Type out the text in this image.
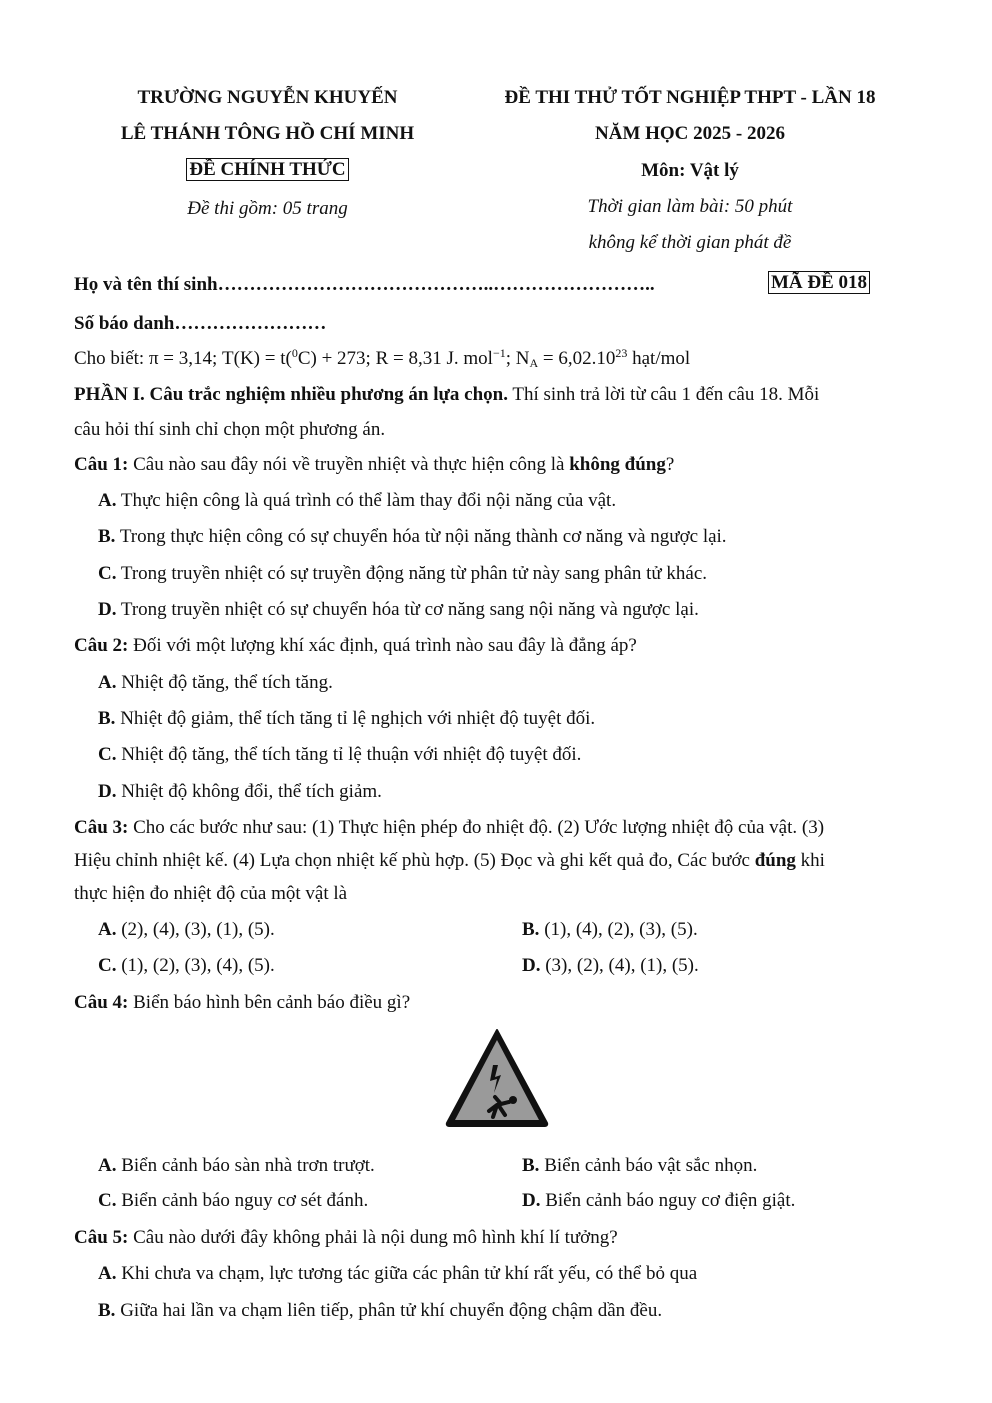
TRƯỜNG NGUYỄN KHUYẾN
LÊ THÁNH TÔNG HỒ CHÍ MINH
ĐỀ CHÍNH THỨC
Đề thi gồm: 05 trang
ĐỀ THI THỬ TỐT NGHIỆP THPT - LẦN 18
NĂM HỌC 2025 - 2026
Môn: Vật lý
Thời gian làm bài: 50 phút
không kể thời gian phát đề
Họ và tên thí sinh……………………………………..……………………..	MÃ ĐỀ 018
Số báo danh……………………
Cho biết: π = 3,14; T(K) = t($^0$C) + 273; R = 8,31 J. mol$^{-1}$; $N_A = 6,02.10^{23}$ hạt/mol
PHẦN I. Câu trắc nghiệm nhiều phương án lựa chọn. Thí sinh trả lời từ câu 1 đến câu 18. Mỗi
câu hỏi thí sinh chỉ chọn một phương án.
Câu 1: Câu nào sau đây nói về truyền nhiệt và thực hiện công là không đúng?
A. Thực hiện công là quá trình có thể làm thay đổi nội năng của vật.
B. Trong thực hiện công có sự chuyển hóa từ nội năng thành cơ năng và ngược lại.
C. Trong truyền nhiệt có sự truyền động năng từ phân tử này sang phân tử khác.
D. Trong truyền nhiệt có sự chuyển hóa từ cơ năng sang nội năng và ngược lại.
Câu 2: Đối với một lượng khí xác định, quá trình nào sau đây là đẳng áp?
A. Nhiệt độ tăng, thể tích tăng.
B. Nhiệt độ giảm, thể tích tăng tỉ lệ nghịch với nhiệt độ tuyệt đối.
C. Nhiệt độ tăng, thể tích tăng tỉ lệ thuận với nhiệt độ tuyệt đối.
D. Nhiệt độ không đổi, thể tích giảm.
Câu 3: Cho các bước như sau: (1) Thực hiện phép đo nhiệt độ. (2) Ước lượng nhiệt độ của vật. (3)
Hiệu chỉnh nhiệt kế. (4) Lựa chọn nhiệt kế phù hợp. (5) Đọc và ghi kết quả đo, Các bước đúng khi
thực hiện đo nhiệt độ của một vật là
A. (2), (4), (3), (1), (5).	B. (1), (4), (2), (3), (5).
C. (1), (2), (3), (4), (5).	D. (3), (2), (4), (1), (5).
Câu 4: Biển báo hình bên cảnh báo điều gì?
A. Biển cảnh báo sàn nhà trơn trượt.	B. Biển cảnh báo vật sắc nhọn.
C. Biển cảnh báo nguy cơ sét đánh.	D. Biển cảnh báo nguy cơ điện giật.
Câu 5: Câu nào dưới đây không phải là nội dung mô hình khí lí tưởng?
A. Khi chưa va chạm, lực tương tác giữa các phân tử khí rất yếu, có thể bỏ qua
B. Giữa hai lần va chạm liên tiếp, phân tử khí chuyển động chậm dần đều.
